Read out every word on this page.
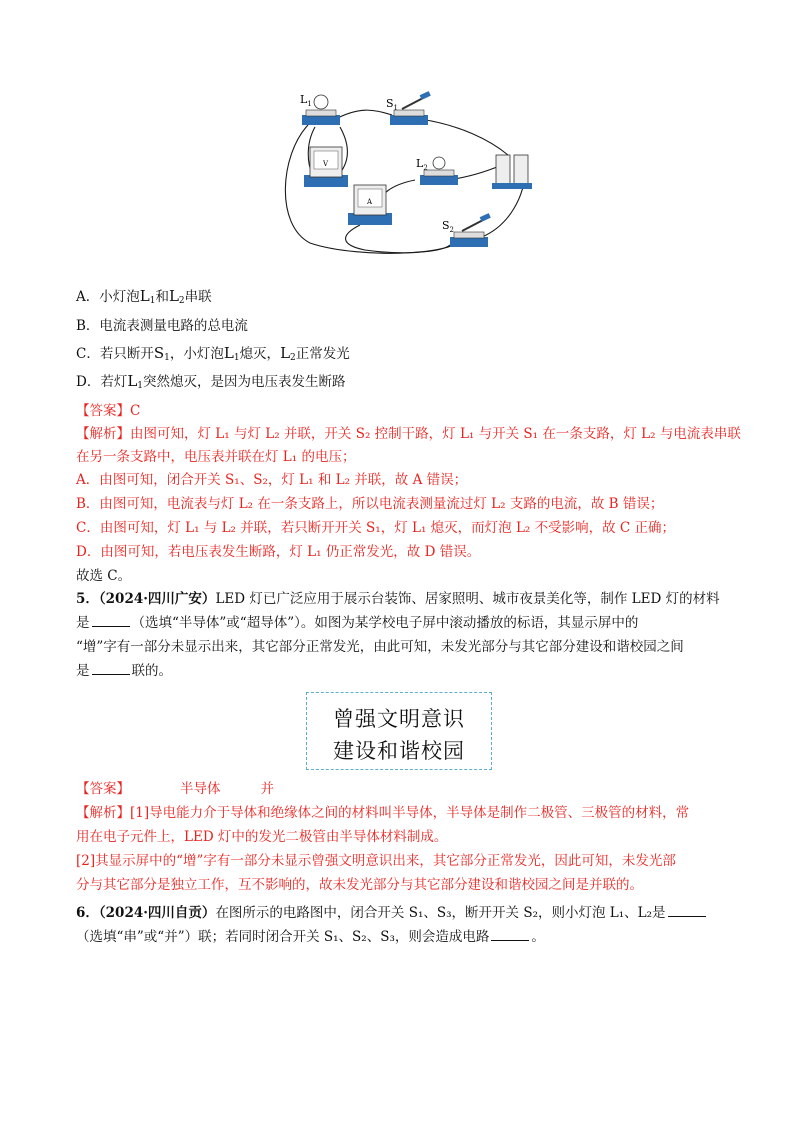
$L_1$	$S_1$
V	$L_2$
A
$S_2$
A．小灯泡$L_1$和$L_2$串联
B．电流表测量电路的总电流
C．若只断开$S_1$，小灯泡$L_1$熄灭，$L_2$正常发光
D．若灯$L_1$突然熄灭，是因为电压表发生断路
【答案】C
【解析】由图可知，灯 L₁ 与灯 L₂ 并联，开关 S₂ 控制干路，灯 L₁ 与开关 S₁ 在一条支路，灯 L₂ 与电流表串联
在另一条支路中，电压表并联在灯 L₁ 的电压；
A．由图可知，闭合开关 S₁、S₂，灯 L₁ 和 L₂ 并联，故 A 错误；
B．由图可知，电流表与灯 L₂ 在一条支路上，所以电流表测量流过灯 L₂ 支路的电流，故 B 错误；
C．由图可知，灯 L₁ 与 L₂ 并联，若只断开开关 S₁，灯 L₁ 熄灭，而灯泡 L₂ 不受影响，故 C 正确；
D．由图可知，若电压表发生断路，灯 L₁ 仍正常发光，故 D 错误。
故选 C。
5．（2024·四川广安）LED 灯已广泛应用于展示台装饰、居家照明、城市夜景美化等，制作 LED 灯的材料
是	（选填“半导体”或“超导体”）。如图为某学校电子屏中滚动播放的标语，其显示屏中的
“增”字有一部分未显示出来，其它部分正常发光，由此可知，未发光部分与其它部分建设和谐校园之间
是	联的。
曾强文明意识
建设和谐校园
【答案】	半导体	并
【解析】[1]导电能力介于导体和绝缘体之间的材料叫半导体，半导体是制作二极管、三极管的材料，常
用在电子元件上，LED 灯中的发光二极管由半导体材料制成。
[2]其显示屏中的“增”字有一部分未显示曾强文明意识出来，其它部分正常发光，因此可知，未发光部
分与其它部分是独立工作，互不影响的，故未发光部分与其它部分建设和谐校园之间是并联的。
6．（2024·四川自贡）在图所示的电路图中，闭合开关 S₁、S₃，断开开关 S₂，则小灯泡 L₁、L₂是
（选填“串”或“并”）联；若同时闭合开关 S₁、S₂、S₃，则会造成电路	。
